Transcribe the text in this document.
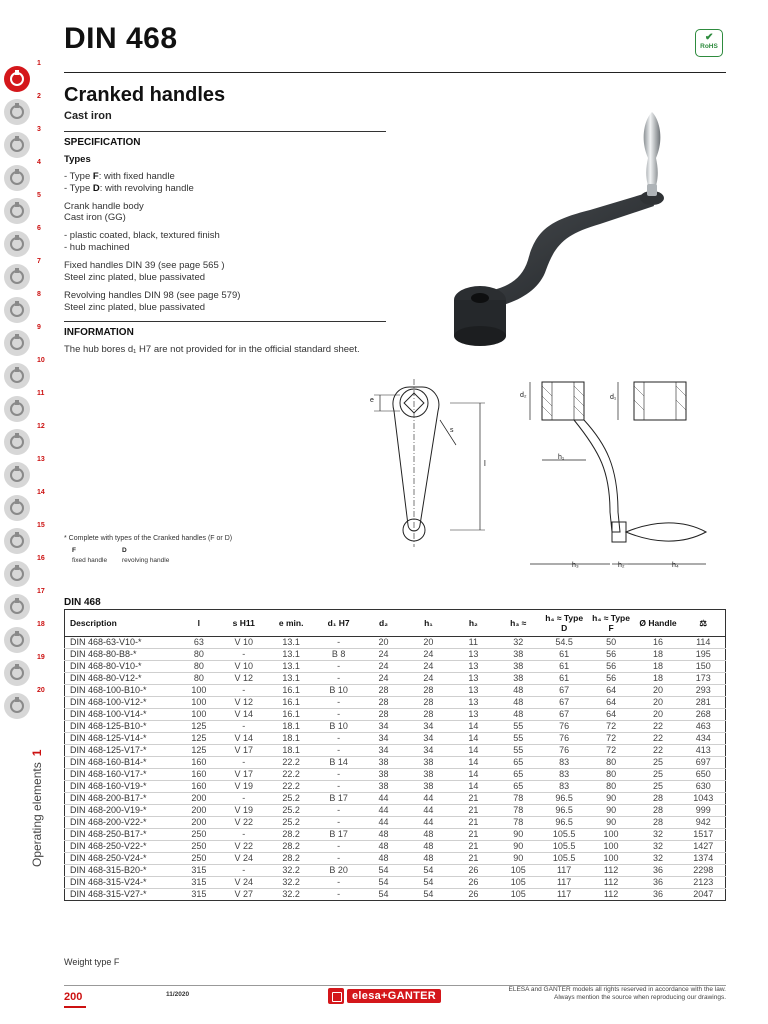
DIN 468	✔
RoHS
1
2
3
4
5
6
7
8
9
10
11
12
13
14
15
16
17
18
19
20
Operating elements1
Cranked handles
Cast iron
SPECIFICATION
Types
- Type F: with fixed handle
- Type D: with revolving handle
Crank handle body
Cast iron (GG)
- plastic coated, black, textured finish
- hub machined
Fixed handles DIN 39 (see page 565 )
Steel zinc plated, blue passivated
Revolving handles DIN 98 (see page 579)
Steel zinc plated, blue passivated
INFORMATION
The hub bores d₁ H7 are not provided for in the official standard sheet.
e
s
l
d₂	d₁
h₁
h₃	h₂	h₄
* Complete with types of the Cranked handles (F or D)
F	D
fixed handle revolving handle
DIN 468
Description	l	s H11	e min.	d₁ H7	d₂	h₁	h₂	h₃ ≈	h₄ ≈ Type D	h₄ ≈ Type F	Ø Handle	⚖
DIN 468-63-V10-*	63	V 10	13.1	-	20	20	11	32	54.5	50	16	114
DIN 468-80-B8-*	80	-	13.1	B 8	24	24	13	38	61	56	18	195
DIN 468-80-V10-*	80	V 10	13.1	-	24	24	13	38	61	56	18	150
DIN 468-80-V12-*	80	V 12	13.1	-	24	24	13	38	61	56	18	173
DIN 468-100-B10-*	100	-	16.1	B 10	28	28	13	48	67	64	20	293
DIN 468-100-V12-*	100	V 12	16.1	-	28	28	13	48	67	64	20	281
DIN 468-100-V14-*	100	V 14	16.1	-	28	28	13	48	67	64	20	268
DIN 468-125-B10-*	125	-	18.1	B 10	34	34	14	55	76	72	22	463
DIN 468-125-V14-*	125	V 14	18.1	-	34	34	14	55	76	72	22	434
DIN 468-125-V17-*	125	V 17	18.1	-	34	34	14	55	76	72	22	413
DIN 468-160-B14-*	160	-	22.2	B 14	38	38	14	65	83	80	25	697
DIN 468-160-V17-*	160	V 17	22.2	-	38	38	14	65	83	80	25	650
DIN 468-160-V19-*	160	V 19	22.2	-	38	38	14	65	83	80	25	630
DIN 468-200-B17-*	200	-	25.2	B 17	44	44	21	78	96.5	90	28	1043
DIN 468-200-V19-*	200	V 19	25.2	-	44	44	21	78	96.5	90	28	999
DIN 468-200-V22-*	200	V 22	25.2	-	44	44	21	78	96.5	90	28	942
DIN 468-250-B17-*	250	-	28.2	B 17	48	48	21	90	105.5	100	32	1517
DIN 468-250-V22-*	250	V 22	28.2	-	48	48	21	90	105.5	100	32	1427
DIN 468-250-V24-*	250	V 24	28.2	-	48	48	21	90	105.5	100	32	1374
DIN 468-315-B20-*	315	-	32.2	B 20	54	54	26	105	117	112	36	2298
DIN 468-315-V24-*	315	V 24	32.2	-	54	54	26	105	117	112	36	2123
DIN 468-315-V27-*	315	V 27	32.2	-	54	54	26	105	117	112	36	2047
Weight type F
200	11/2020	elesa+GANTER
ELESA and GANTER models all rights reserved in accordance with the law.
Always mention the source when reproducing our drawings.
